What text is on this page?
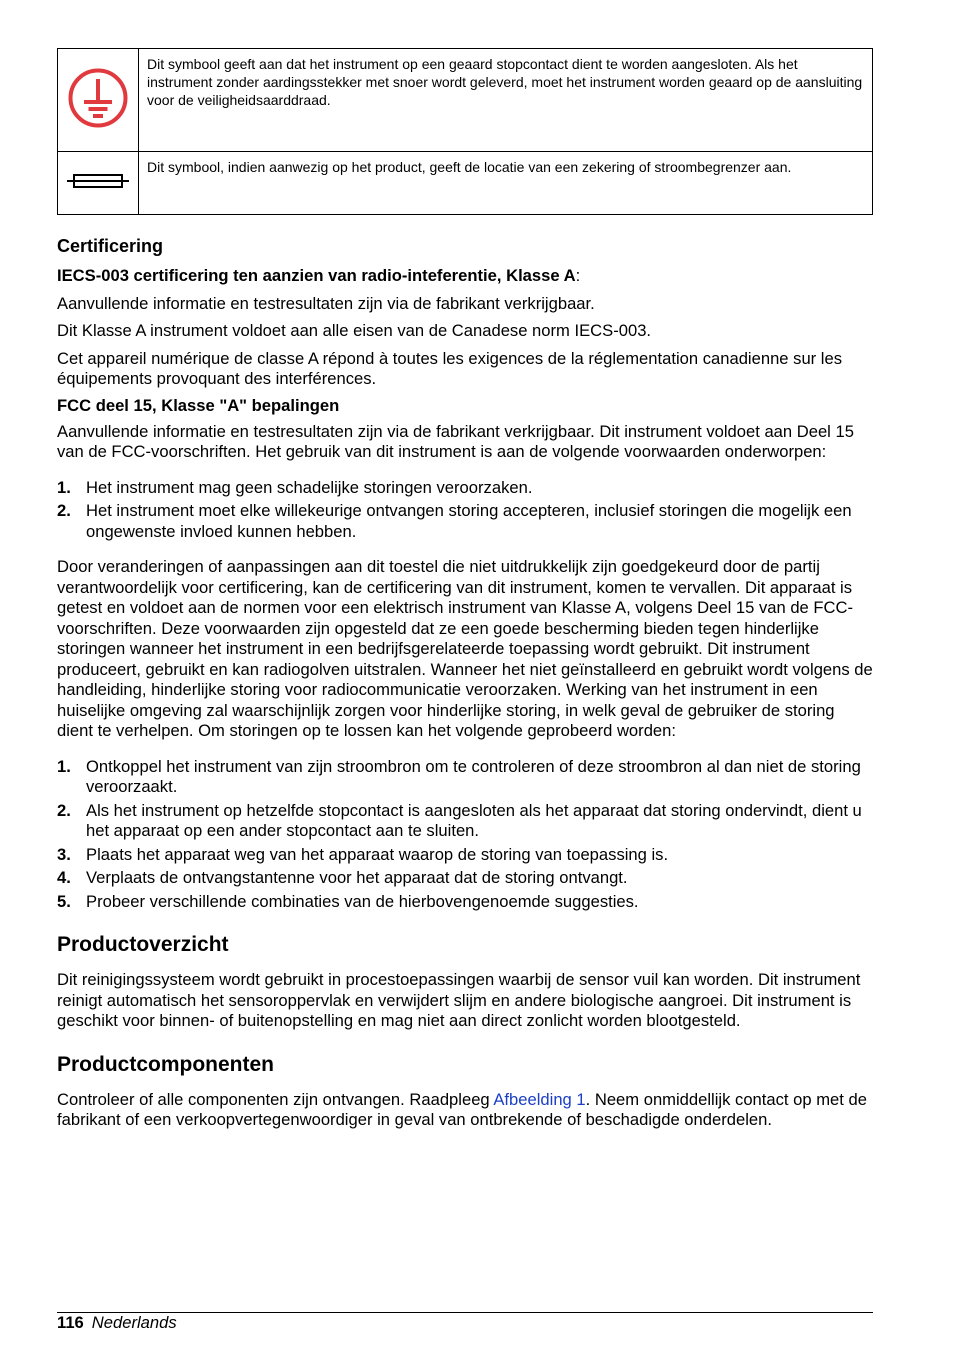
	Dit symbool geeft aan dat het instrument op een geaard stopcontact dient te worden aangesloten. Als het instrument zonder aardingsstekker met snoer wordt geleverd, moet het instrument worden geaard op de aansluiting voor de veiligheidsaarddraad.
	Dit symbool, indien aanwezig op het product, geeft de locatie van een zekering of stroombegrenzer aan.
Certificering

IECS-003 certificering ten aanzien van radio-inteferentie, Klasse A:

Aanvullende informatie en testresultaten zijn via de fabrikant verkrijgbaar.

Dit Klasse A instrument voldoet aan alle eisen van de Canadese norm IECS-003.

Cet appareil numérique de classe A répond à toutes les exigences de la réglementation canadienne sur les équipements provoquant des interférences.

FCC deel 15, Klasse "A" bepalingen

Aanvullende informatie en testresultaten zijn via de fabrikant verkrijgbaar. Dit instrument voldoet aan Deel 15 van de FCC-voorschriften. Het gebruik van dit instrument is aan de volgende voorwaarden onderworpen:

1. Het instrument mag geen schadelijke storingen veroorzaken.
2. Het instrument moet elke willekeurige ontvangen storing accepteren, inclusief storingen die mogelijk een ongewenste invloed kunnen hebben.

Door veranderingen of aanpassingen aan dit toestel die niet uitdrukkelijk zijn goedgekeurd door de partij verantwoordelijk voor certificering, kan de certificering van dit instrument, komen te vervallen. Dit apparaat is getest en voldoet aan de normen voor een elektrisch instrument van Klasse A, volgens Deel 15 van de FCC-voorschriften. Deze voorwaarden zijn opgesteld dat ze een goede bescherming bieden tegen hinderlijke storingen wanneer het instrument in een bedrijfsgerelateerde toepassing wordt gebruikt. Dit instrument produceert, gebruikt en kan radiogolven uitstralen. Wanneer het niet geïnstalleerd en gebruikt wordt volgens de handleiding, hinderlijke storing voor radiocommunicatie veroorzaken. Werking van het instrument in een huiselijke omgeving zal waarschijnlijk zorgen voor hinderlijke storing, in welk geval de gebruiker de storing dient te verhelpen. Om storingen op te lossen kan het volgende geprobeerd worden:

1. Ontkoppel het instrument van zijn stroombron om te controleren of deze stroombron al dan niet de storing veroorzaakt.
2. Als het instrument op hetzelfde stopcontact is aangesloten als het apparaat dat storing ondervindt, dient u het apparaat op een ander stopcontact aan te sluiten.
3. Plaats het apparaat weg van het apparaat waarop de storing van toepassing is.
4. Verplaats de ontvangstantenne voor het apparaat dat de storing ontvangt.
5. Probeer verschillende combinaties van de hierbovengenoemde suggesties.
Productoverzicht

Dit reinigingssysteem wordt gebruikt in procestoepassingen waarbij de sensor vuil kan worden. Dit instrument reinigt automatisch het sensoroppervlak en verwijdert slijm en andere biologische aangroei. Dit instrument is geschikt voor binnen- of buitenopstelling en mag niet aan direct zonlicht worden blootgesteld.

Productcomponenten

Controleer of alle componenten zijn ontvangen. Raadpleeg Afbeelding 1. Neem onmiddellijk contact op met de fabrikant of een verkoopvertegenwoordiger in geval van ontbrekende of beschadigde onderdelen.

116 Nederlands
